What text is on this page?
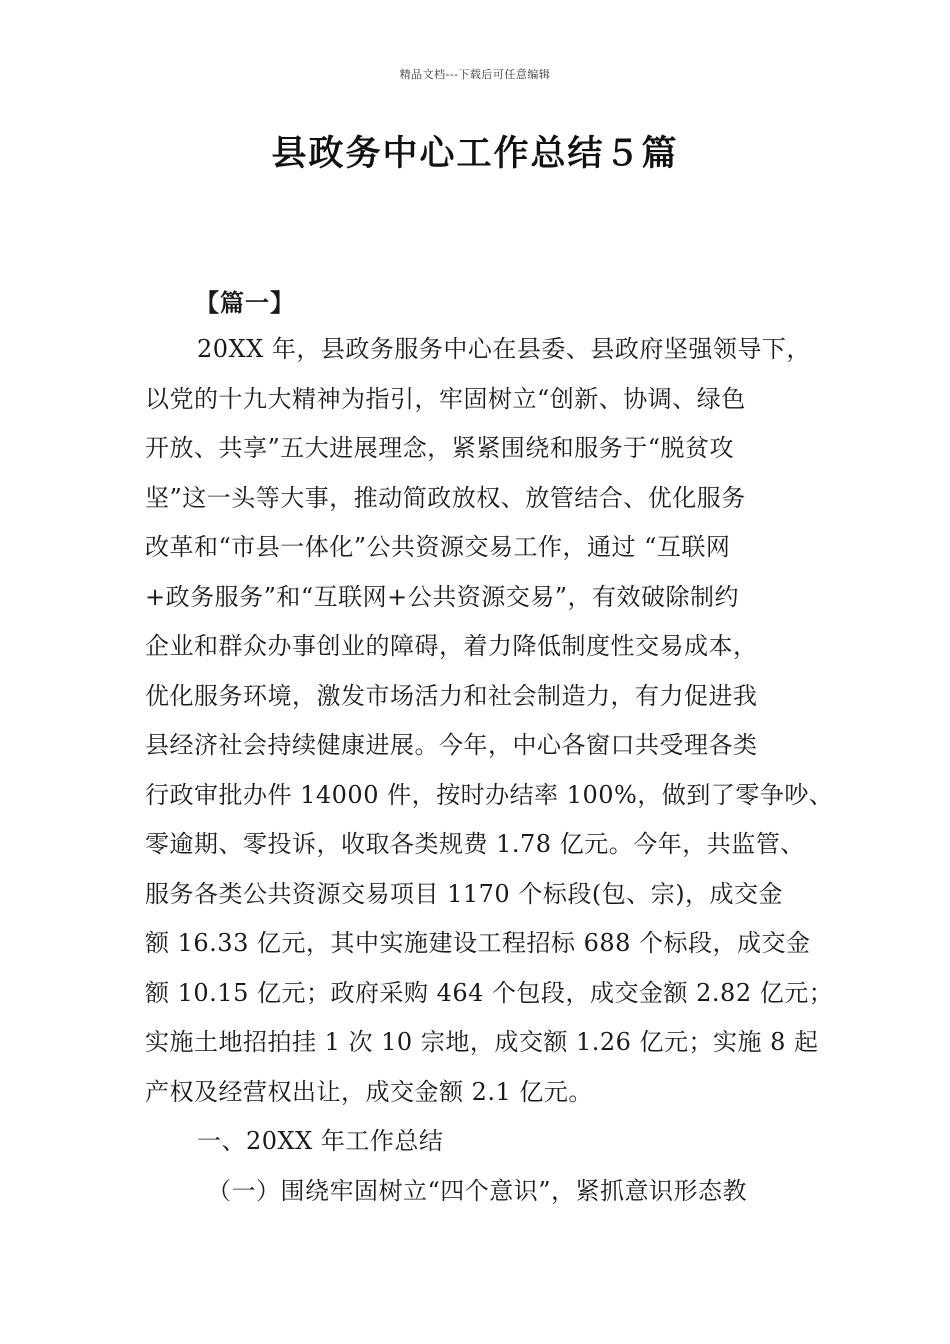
精品文档---下载后可任意编辑
县政务中心工作总结５篇
【篇一】
20XX 年，县政务服务中心在县委、县政府坚强领导下，
以党的十九大精神为指引，牢固树立“创新、协调、绿色
开放、共享”五大进展理念，紧紧围绕和服务于“脱贫攻
坚”这一头等大事，推动简政放权、放管结合、优化服务
改革和“市县一体化”公共资源交易工作，通过 “互联网
+政务服务”和“互联网+公共资源交易”，有效破除制约
企业和群众办事创业的障碍，着力降低制度性交易成本，
优化服务环境，激发市场活力和社会制造力，有力促进我
县经济社会持续健康进展。今年，中心各窗口共受理各类
行政审批办件 14000 件，按时办结率 100%，做到了零争吵、
零逾期、零投诉，收取各类规费 1.78 亿元。今年，共监管、
服务各类公共资源交易项目 1170 个标段(包、宗)，成交金
额 16.33 亿元，其中实施建设工程招标 688 个标段，成交金
额 10.15 亿元；政府采购 464 个包段，成交金额 2.82 亿元；
实施土地招拍挂 1 次 10 宗地，成交额 1.26 亿元；实施 8 起
产权及经营权出让，成交金额 2.1 亿元。
一、20XX 年工作总结
（一）围绕牢固树立“四个意识”，紧抓意识形态教
